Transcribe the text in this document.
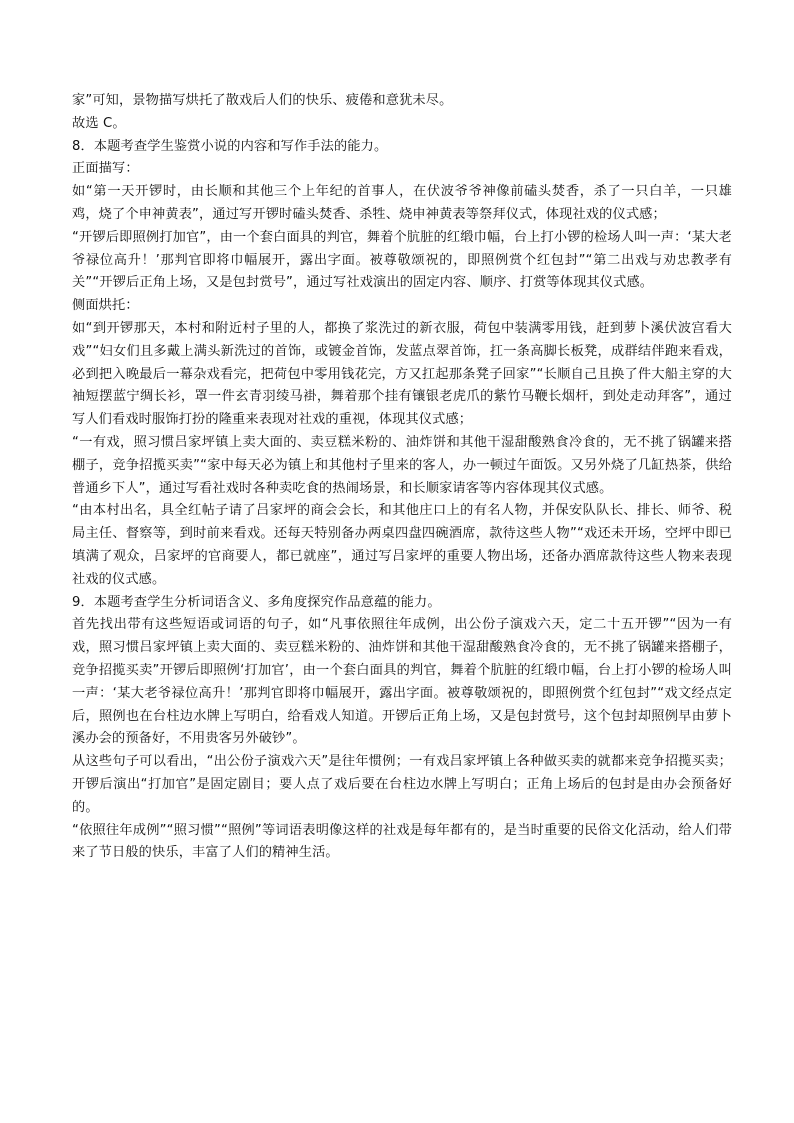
家”可知，景物描写烘托了散戏后人们的快乐、疲倦和意犹未尽。

故选 C。

8．本题考查学生鉴赏小说的内容和写作手法的能力。

正面描写：

如“第一天开锣时，由长顺和其他三个上年纪的首事人，在伏波爷爷神像前磕头焚香，杀了一只白羊，一只雄鸡，烧了个申神黄表”，通过写开锣时磕头焚香、杀牲、烧申神黄表等祭拜仪式，体现社戏的仪式感；

“开锣后即照例打加官”，由一个套白面具的判官，舞着个肮脏的红缎巾幅，台上打小锣的检场人叫一声：‘某大老爷禄位高升！’那判官即将巾幅展开，露出字面。被尊敬颂祝的，即照例赏个红包封”“第二出戏与劝忠教孝有关”“开锣后正角上场，又是包封赏号”，通过写社戏演出的固定内容、顺序、打赏等体现其仪式感。

侧面烘托：

如“到开锣那天，本村和附近村子里的人，都换了浆洗过的新衣服，荷包中装满零用钱，赶到萝卜溪伏波宫看大戏”“妇女们且多戴上满头新洗过的首饰，或镀金首饰，发蓝点翠首饰，扛一条高脚长板凳，成群结伴跑来看戏，必到把入晚最后一幕杂戏看完，把荷包中零用钱花完，方又扛起那条凳子回家”“长顺自己且换了件大船主穿的大袖短摆蓝宁绸长衫，罩一件玄青羽绫马褂，舞着那个挂有镶银老虎爪的紫竹马鞭长烟杆，到处走动拜客”，通过写人们看戏时服饰打扮的隆重来表现对社戏的重视，体现其仪式感；

“一有戏，照习惯吕家坪镇上卖大面的、卖豆糕米粉的、油炸饼和其他干湿甜酸熟食冷食的，无不挑了锅罐来搭棚子，竞争招揽买卖”“家中每天必为镇上和其他村子里来的客人，办一顿过午面饭。又另外烧了几缸热茶，供给普通乡下人”，通过写看社戏时各种卖吃食的热闹场景，和长顺家请客等内容体现其仪式感。

“由本村出名，具全红帖子请了吕家坪的商会会长，和其他庄口上的有名人物，并保安队队长、排长、师爷、税局主任、督察等，到时前来看戏。还每天特别备办两桌四盘四碗酒席，款待这些人物”“戏还未开场，空坪中即已填满了观众，吕家坪的官商要人，都已就座”，通过写吕家坪的重要人物出场，还备办酒席款待这些人物来表现社戏的仪式感。

9．本题考查学生分析词语含义、多角度探究作品意蕴的能力。

首先找出带有这些短语或词语的句子，如“凡事依照往年成例，出公份子演戏六天，定二十五开锣”“因为一有戏，照习惯吕家坪镇上卖大面的、卖豆糕米粉的、油炸饼和其他干湿甜酸熟食冷食的，无不挑了锅罐来搭棚子，竞争招揽买卖”开锣后即照例‘打加官’，由一个套白面具的判官，舞着个肮脏的红缎巾幅，台上打小锣的检场人叫一声：‘某大老爷禄位高升！’那判官即将巾幅展开，露出字面。被尊敬颂祝的，即照例赏个红包封”“戏文经点定后，照例也在台柱边水牌上写明白，给看戏人知道。开锣后正角上场，又是包封赏号，这个包封却照例早由萝卜溪办会的预备好，不用贵客另外破钞”。

从这些句子可以看出，“出公份子演戏六天”是往年惯例；一有戏吕家坪镇上各种做买卖的就都来竞争招揽买卖；开锣后演出“打加官”是固定剧目；要人点了戏后要在台柱边水牌上写明白；正角上场后的包封是由办会预备好的。

“依照往年成例”“照习惯”“照例”等词语表明像这样的社戏是每年都有的，是当时重要的民俗文化活动，给人们带来了节日般的快乐，丰富了人们的精神生活。
